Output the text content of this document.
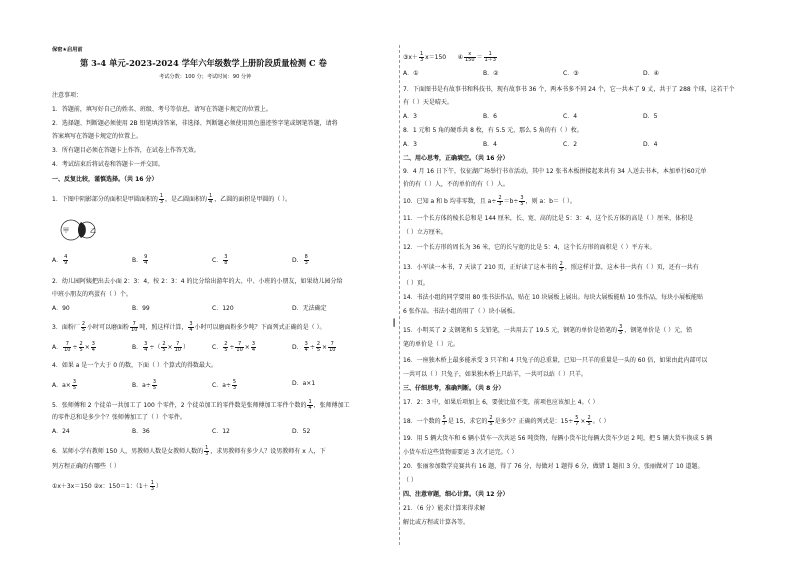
┃
保密★启用前
第 3-4 单元-2023-2024 学年六年级数学上册阶段质量检测 C 卷
考试分数：100 分；考试时间：90 分钟
注意事项：
1．答题前，填写好自己的姓名、班级、考号等信息，请写在答题卡规定的位置上。
2．选择题、判断题必须使用 2B 铅笔填涂答案，非选择、判断题必须使用黑色墨迹签字笔或钢笔答题，请将
答案填写在答题卡规定的位置上。
3．所有题目必须在答题卡上作答，在试卷上作答无效。
4．考试结束后将试卷和答题卡一并交回。
一、反复比较，谨慎选择。（共 16 分）
1．下图中阴影部分的面积是甲圆面积的 $\frac{1}{3}$ ，是乙圆面积的 $\frac{1}{4}$ ，乙圆的面积是甲圆的（ ）。
甲	乙
A． $\frac{4}{9}$	B． $\frac{9}{4}$	C． $\frac{3}{8}$	D． $\frac{8}{3}$
2．幼儿园阿姨把出去小面 2：3：4，按 2：3：4 的比分给出游年的大、中、小班的小朋友，如果幼儿园分给
中班小朋友的鸡蛋有（ ）个。
A．90	B．99	C．120	D．无法确定
3．面粉厂 $\frac{2}{5}$ 小时可以磨面粉 $\frac{7}{10}$ 吨，照这样计算， $\frac{3}{4}$ 小时可以磨面粉多少吨？下面列式正确的是（ ）。
A． $\frac{7}{10} \div \frac{2}{5} \times \frac{3}{4}$	B． $\frac{3}{4}$ ÷（ $\frac{2}{5} \times \frac{7}{10}$ ）	C． $\frac{2}{5} \div \frac{7}{10} \times \frac{3}{4}$	D． $\frac{3}{4} \div \frac{2}{5} \times \frac{7}{10}$
4．如果 a 是一个大于 0 的数，下面（ ）个算式的得数最大。
A．$a\times \frac{3}{5}$	B．$a\div \frac{3}{5}$	C．$a\div \frac{5}{3}$	D．a×1
5．张师傅和 2 个徒弟一共加工了 100 个零件，2 个徒弟加工的零件数是张师傅加工零件个数的 $\frac{1}{4}$ ，张师傅加工
的零件总和是多少个？张师傅加工了（ ）个零件。
A．24	B．36	C．12	D．52
6．某师小学有教师 150 人，男教师人数是女教师人数的 $\frac{1}{3}$ ，求男教师有多少人？设男教师有 x 人，下
列方程正确的有哪些（ ）
①x＋3x＝150 ②x：150＝1：（$1+ \frac{1}{3}$ ）
③x＋ $\frac{1}{3} x=150$      ④ $\frac{x}{150} = \frac{1}{1+3}$
A．①	B．②	C．③	D．④
7．下面图书是有故事书和科技书，现有故事书 36 个，两本书多不同 24 个，它一共本了 9 丈，共于了 288 个球，这若干个
有（ ）天是晴天。
A．3	B．6	C．4	D．5
8．1 元和 5 角的硬币共 8 枚，有 5.5 元，那么 5 角的有（ ）枚。
A．3	B．4	C．2	D．4
二、用心思考，正确填空。（共 16 分）
9．4 月 16 日下午，仪征湖广场举行书市活动，其中 12 张书木板拼接起来共有 34 人送去书本，本加单行60元单
价的有（ ）人，不的单价的有（ ）人。
10．已知 a 和 b 均非零数，且 $a\div \frac{2}{3} =b\div \frac{3}{5}$ ，则 a：b＝（ ）。
11．一个长方体的棱长总和是 144 厘米，长、宽、高的比是 5：3：4，这个长方体的高是（ ）厘米，体积是
（ ）立方厘米。
12．一个长方形的周长为 36 米，它的长与宽的比是 5：4，这个长方形的面积是（ ）平方米。
13．小军读一本书，7 天读了 210 页，正好读了这本书的 $\frac{2}{3}$ ，照这样计算，这本书一共有（ ）页，还有一共有
（ ）页。
14．书法小组的同学要用 80 张书法作品，贴在 10 块展板上展出。每块大展板能贴 10 张作品，每块小展板能贴
6 张作品。书法小组的用了（ ）块小展板。
15．小明买了 2 支钢笔和 5 支铅笔，一共用去了 19.5 元，钢笔的单价是铅笔的 $\frac{3}{5}$ ，钢笔单价是（ ）元，铅
笔的单价是（ ）元。
16．一座独木桥上最多能承受 3 只羊和 4 只兔子的总重量，已知一只羊的重量是一头的 60 倍，如果由此内部可以
一共可以（ ）只兔子，如果独木桥上只站羊，一共可以站（ ）只羊。
三、仔细思考，准确判断。（共 8 分）
17．2：3 中，如果后项加上 6，要使比值不变，前项也应该加上 4。（ ）
18．一个数的 $\frac{5}{7}$ 是 15，求它的 $\frac{2}{5}$ 是多少？正确的列式是：$15\div \frac{5}{7} \times \frac{2}{5}$ 。（ ）
19．用 5 辆大货车和 6 辆小货车一次共运 56 吨货物，每辆小货车比每辆大货车少运 2 吨，把 5 辆大货车换成 5 辆
小货车后这些货物需要运 3 次才运完。（ ）
20．张丽参加数学竞赛共有 16 题，得了 76 分，每做对 1 题得 6 分，做错 1 题扣 3 分，张丽做对了 10 道题。
（ ）
四、注意审题，细心计算。（共 12 分）
21．（6 分）能求计算来得求解
解比或方程或计算各等。
